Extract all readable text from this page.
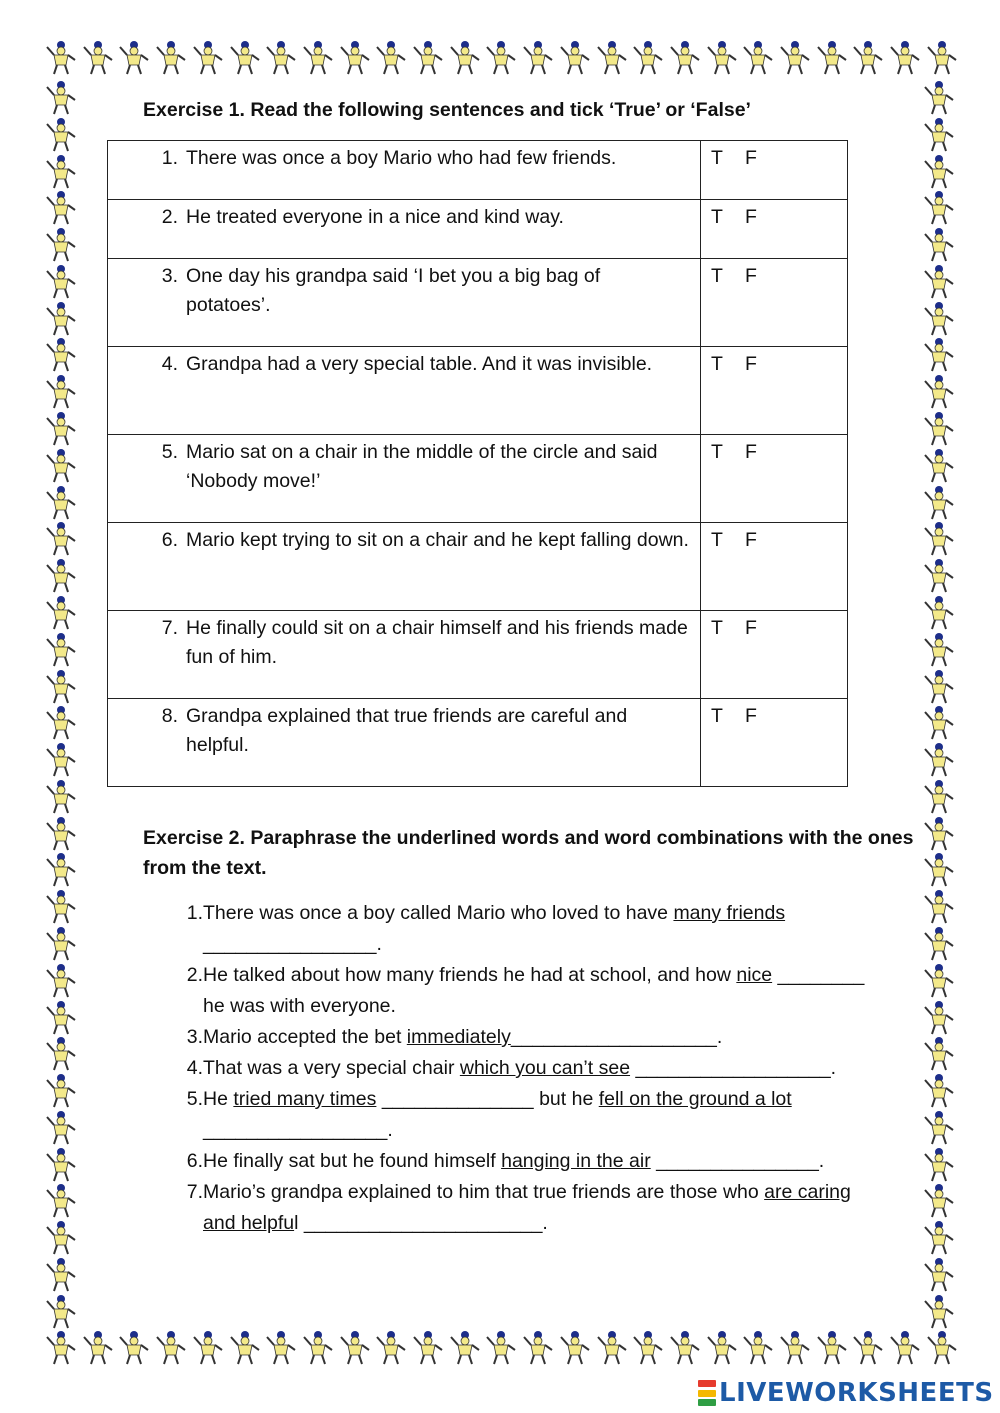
Exercise 1. Read the following sentences and tick ‘True’ or ‘False’
1. There was once a boy Mario who had few friends.	T F

2. He treated everyone in a nice and kind way.	T F

3. One day his grandpa said ‘I bet you a big bag of potatoes’.	T F

4. Grandpa had a very special table. And it was invisible.	T F

5. Mario sat on a chair in the middle of the circle and said ‘Nobody move!’	T F

6. Mario kept trying to sit on a chair and he kept falling down.	T F

7. He finally could sit on a chair himself and his friends made fun of him.	T F

8. Grandpa explained that true friends are careful and helpful.	T F
Exercise 2. Paraphrase the underlined words and word combinations with the ones from the text.
1. There was once a boy called Mario who loved to have many friends ________________.
2. He talked about how many friends he had at school, and how nice ________ he was with everyone.
3. Mario accepted the bet immediately___________________.
4. That was a very special chair which you can’t see __________________.
5. He tried many times ______________ but he fell on the ground a lot _________________.
6. He finally sat but he found himself hanging in the air _______________.
7. Mario’s grandpa explained to him that true friends are those who are caring and helpful ______________________.
LIVEWORKSHEETS
